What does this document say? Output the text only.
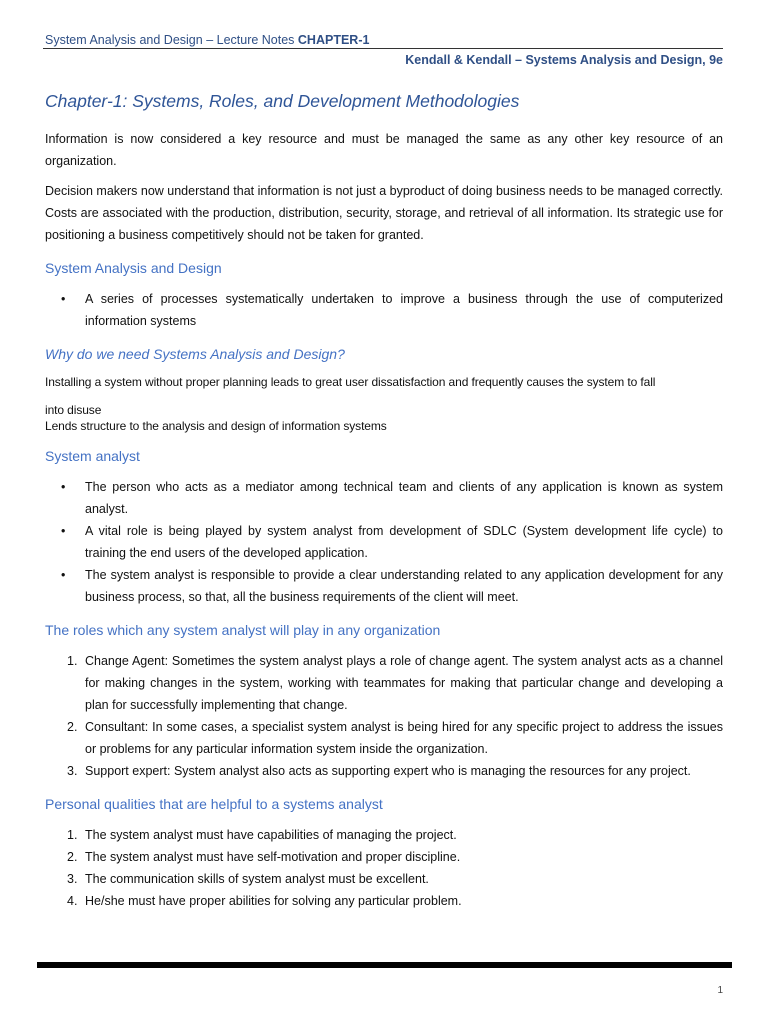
System Analysis and Design – Lecture Notes CHAPTER-1
Kendall & Kendall – Systems Analysis and Design, 9e
Chapter-1: Systems, Roles, and Development Methodologies

Information is now considered a key resource and must be managed the same as any other key resource of an organization.

Decision makers now understand that information is not just a byproduct of doing business needs to be managed correctly. Costs are associated with the production, distribution, security, storage, and retrieval of all information. Its strategic use for positioning a business competitively should not be taken for granted.

System Analysis and Design
• A series of processes systematically undertaken to improve a business through the use of computerized information systems
Why do we need Systems Analysis and Design?

Installing a system without proper planning leads to great user dissatisfaction and frequently causes the system to fall

into disuse

Lends structure to the analysis and design of information systems

System analyst
• The person who acts as a mediator among technical team and clients of any application is known as system analyst.
• A vital role is being played by system analyst from development of SDLC (System development life cycle) to training the end users of the developed application.
• The system analyst is responsible to provide a clear understanding related to any application development for any business process, so that, all the business requirements of the client will meet.
The roles which any system analyst will play in any organization
1. Change Agent: Sometimes the system analyst plays a role of change agent. The system analyst acts as a channel for making changes in the system, working with teammates for making that particular change and developing a plan for successfully implementing that change.
2. Consultant: In some cases, a specialist system analyst is being hired for any specific project to address the issues or problems for any particular information system inside the organization.
3. Support expert: System analyst also acts as supporting expert who is managing the resources for any project.
Personal qualities that are helpful to a systems analyst
1. The system analyst must have capabilities of managing the project.
2. The system analyst must have self-motivation and proper discipline.
3. The communication skills of system analyst must be excellent.
4. He/she must have proper abilities for solving any particular problem.
1
